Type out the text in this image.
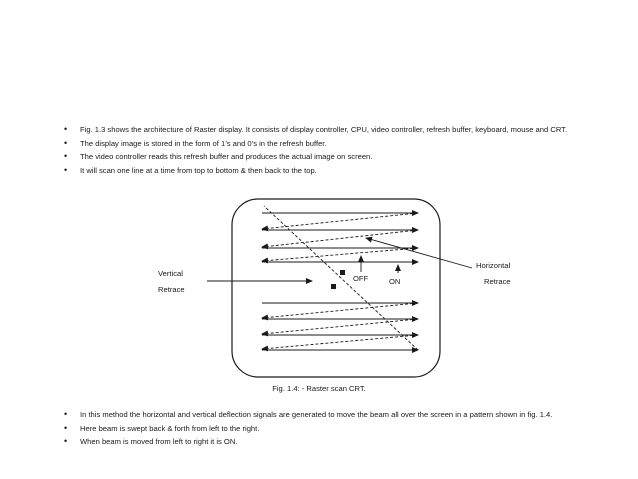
• Fig. 1.3 shows the architecture of Raster display. It consists of display controller, CPU, video controller, refresh buffer, keyboard, mouse and CRT.
• The display image is stored in the form of 1’s and 0’s in the refresh buffer.
• The video controller reads this refresh buffer and produces the actual image on screen.
• It will scan one line at a time from top to bottom & then back to the top.
Vertical
Retrace
Horizontal
Retrace
OFF	ON
Fig. 1.4: - Raster scan CRT.
• In this method the horizontal and vertical deflection signals are generated to move the beam all over the screen in a pattern shown in fig. 1.4.
• Here beam is swept back & forth from left to the right.
• When beam is moved from left to right it is ON.
